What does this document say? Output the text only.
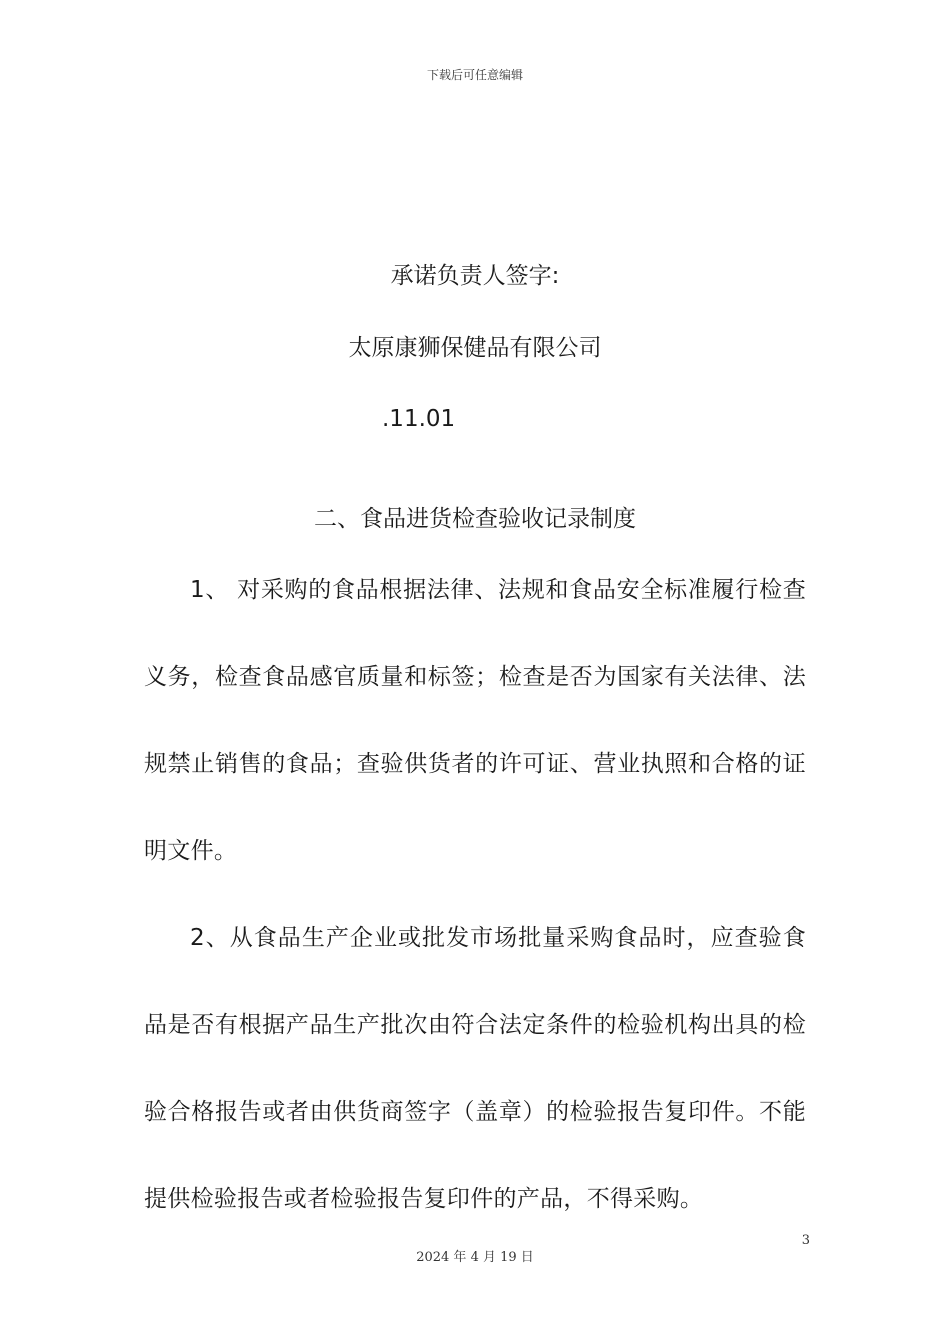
下载后可任意编辑
承诺负责人签字:
太原康狮保健品有限公司
.11.01
二、食品进货检查验收记录制度

1、 对采购的食品根据法律、法规和食品安全标准履行检查义务，检查食品感官质量和标签；检查是否为国家有关法律、法规禁止销售的食品；查验供货者的许可证、营业执照和合格的证明文件。

2、从食品生产企业或批发市场批量采购食品时，应查验食品是否有根据产品生产批次由符合法定条件的检验机构出具的检验合格报告或者由供货商签字（盖章）的检验报告复印件。不能提供检验报告或者检验报告复印件的产品，不得采购。

3
2024 年 4 月 19 日
